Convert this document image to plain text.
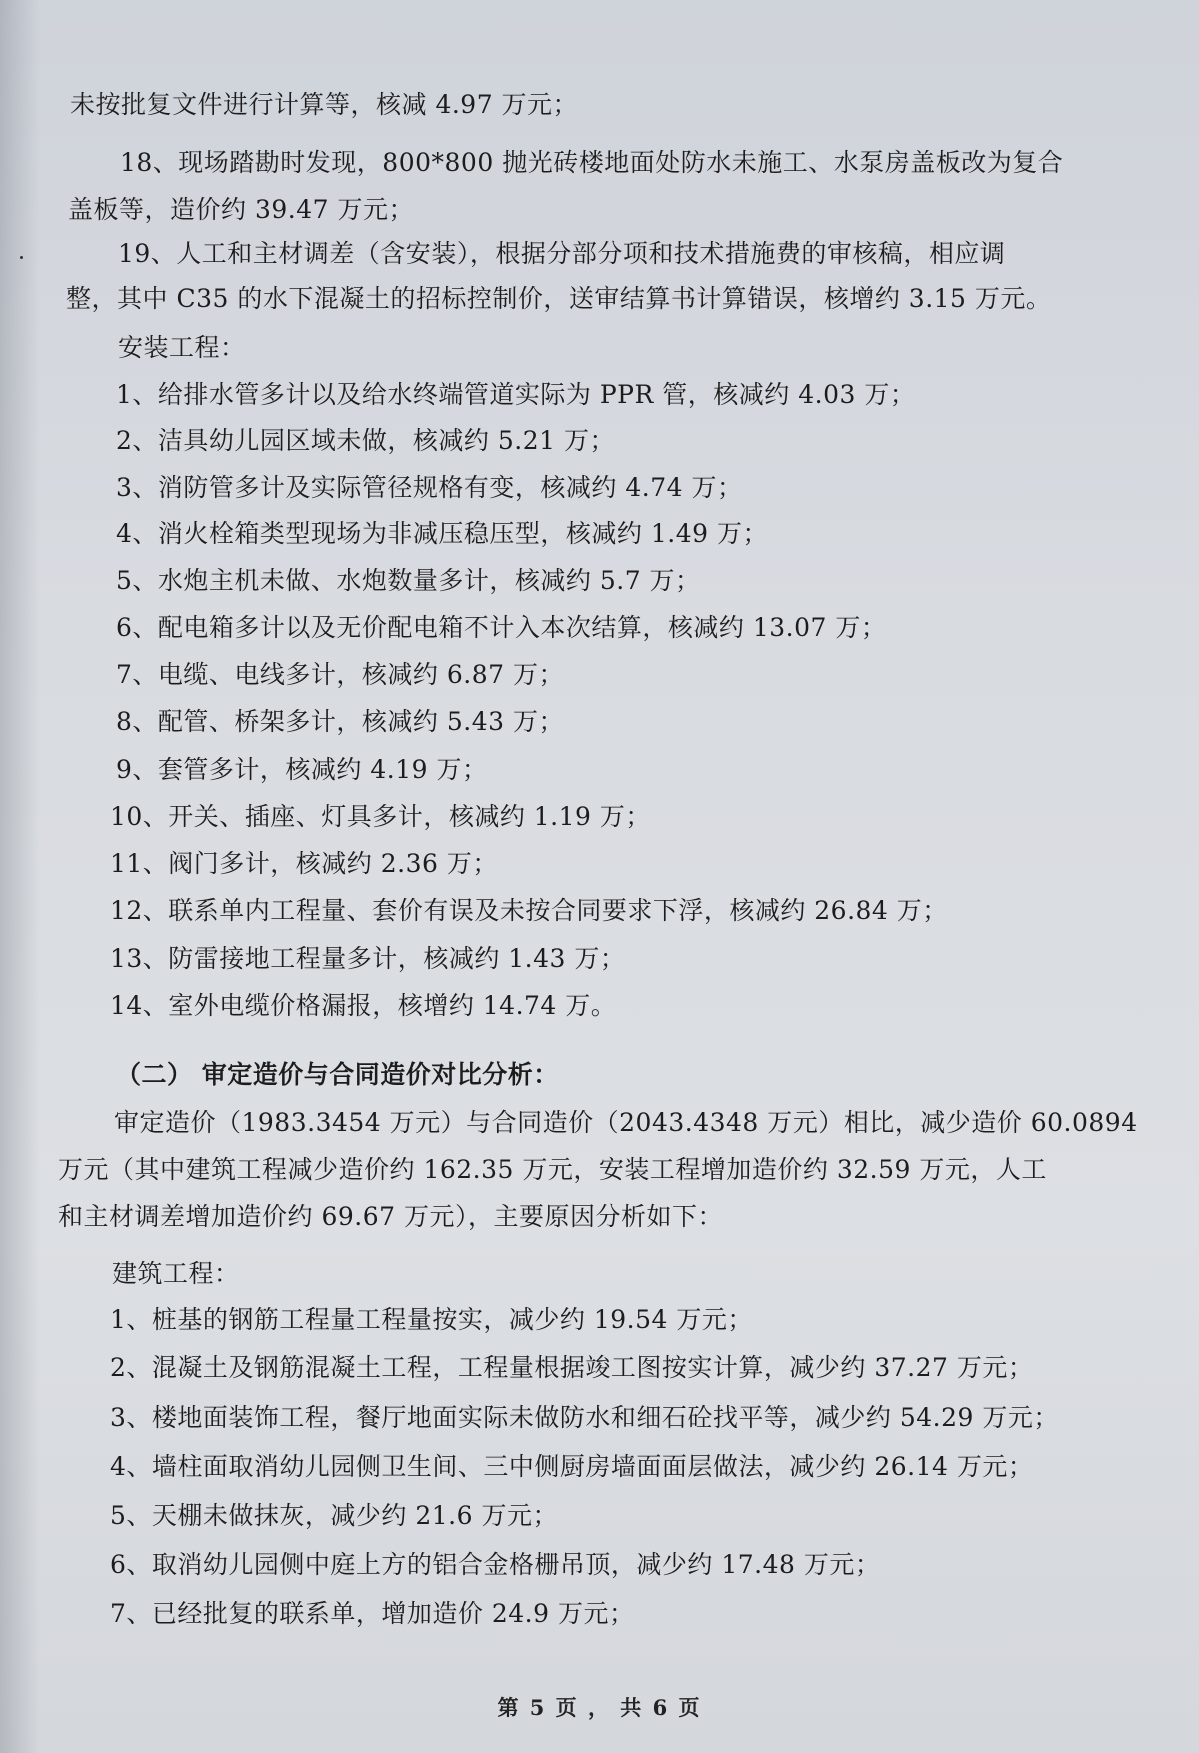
未按批复文件进行计算等，核减 4.97 万元；
18、现场踏勘时发现，800*800 抛光砖楼地面处防水未施工、水泵房盖板改为复合
盖板等，造价约 39.47 万元；
19、人工和主材调差（含安装），根据分部分项和技术措施费的审核稿，相应调
整，其中 C35 的水下混凝土的招标控制价，送审结算书计算错误，核增约 3.15 万元。
安装工程：
1、给排水管多计以及给水终端管道实际为 PPR 管，核减约 4.03 万；
2、洁具幼儿园区域未做，核减约 5.21 万；
3、消防管多计及实际管径规格有变，核减约 4.74 万；
4、消火栓箱类型现场为非减压稳压型，核减约 1.49 万；
5、水炮主机未做、水炮数量多计，核减约 5.7 万；
6、配电箱多计以及无价配电箱不计入本次结算，核减约 13.07 万；
7、电缆、电线多计，核减约 6.87 万；
8、配管、桥架多计，核减约 5.43 万；
9、套管多计，核减约 4.19 万；
10、开关、插座、灯具多计，核减约 1.19 万；
11、阀门多计，核减约 2.36 万；
12、联系单内工程量、套价有误及未按合同要求下浮，核减约 26.84 万；
13、防雷接地工程量多计，核减约 1.43 万；
14、室外电缆价格漏报，核增约 14.74 万。
（二） 审定造价与合同造价对比分析：
审定造价（1983.3454 万元）与合同造价（2043.4348 万元）相比，减少造价 60.0894
万元（其中建筑工程减少造价约 162.35 万元，安装工程增加造价约 32.59 万元，人工
和主材调差增加造价约 69.67 万元），主要原因分析如下：
建筑工程：
1、桩基的钢筋工程量工程量按实，减少约 19.54 万元；
2、混凝土及钢筋混凝土工程，工程量根据竣工图按实计算，减少约 37.27 万元；
3、楼地面装饰工程，餐厅地面实际未做防水和细石砼找平等，减少约 54.29 万元；
4、墙柱面取消幼儿园侧卫生间、三中侧厨房墙面面层做法，减少约 26.14 万元；
5、天棚未做抹灰，减少约 21.6 万元；
6、取消幼儿园侧中庭上方的铝合金格栅吊顶，减少约 17.48 万元；
7、已经批复的联系单，增加造价 24.9 万元；
第 5 页 ， 共 6 页
